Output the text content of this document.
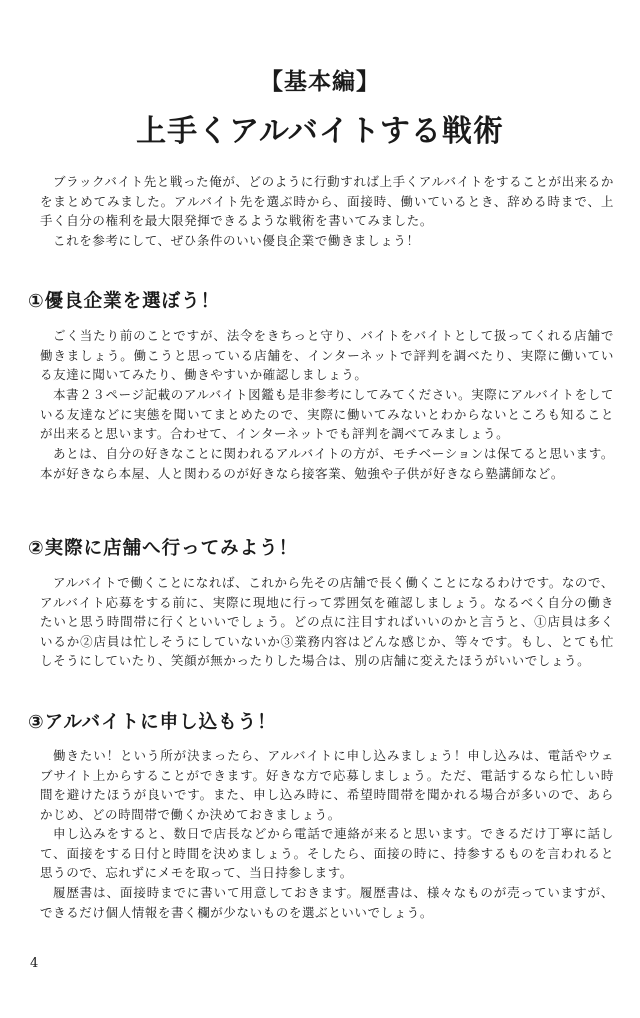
【基本編】
上手くアルバイトする戦術

ブラックバイト先と戦った俺が、どのように行動すれば上手くアルバイトをすることが出来るかをまとめてみました。アルバイト先を選ぶ時から、面接時、働いているとき、辞める時まで、上手く自分の権利を最大限発揮できるような戦術を書いてみました。

これを参考にして、ぜひ条件のいい優良企業で働きましょう！

①優良企業を選ぼう！

ごく当たり前のことですが、法令をきちっと守り、バイトをバイトとして扱ってくれる店舗で働きましょう。働こうと思っている店舗を、インターネットで評判を調べたり、実際に働いている友達に聞いてみたり、働きやすいか確認しましょう。

本書２３ページ記載のアルバイト図鑑も是非参考にしてみてください。実際にアルバイトをしている友達などに実態を聞いてまとめたので、実際に働いてみないとわからないところも知ることが出来ると思います。合わせて、インターネットでも評判を調べてみましょう。

あとは、自分の好きなことに関われるアルバイトの方が、モチベーションは保てると思います。本が好きなら本屋、人と関わるのが好きなら接客業、勉強や子供が好きなら塾講師など。

②実際に店舗へ行ってみよう！

アルバイトで働くことになれば、これから先その店舗で長く働くことになるわけです。なので、アルバイト応募をする前に、実際に現地に行って雰囲気を確認しましょう。なるべく自分の働きたいと思う時間帯に行くといいでしょう。どの点に注目すればいいのかと言うと、①店員は多くいるか②店員は忙しそうにしていないか③業務内容はどんな感じか、等々です。もし、とても忙しそうにしていたり、笑顔が無かったりした場合は、別の店舗に変えたほうがいいでしょう。

③アルバイトに申し込もう！

働きたい！という所が決まったら、アルバイトに申し込みましょう！申し込みは、電話やウェブサイト上からすることができます。好きな方で応募しましょう。ただ、電話するなら忙しい時間を避けたほうが良いです。また、申し込み時に、希望時間帯を聞かれる場合が多いので、あらかじめ、どの時間帯で働くか決めておきましょう。

申し込みをすると、数日で店長などから電話で連絡が来ると思います。できるだけ丁寧に話して、面接をする日付と時間を決めましょう。そしたら、面接の時に、持参するものを言われると思うので、忘れずにメモを取って、当日持参します。

履歴書は、面接時までに書いて用意しておきます。履歴書は、様々なものが売っていますが、できるだけ個人情報を書く欄が少ないものを選ぶといいでしょう。

4
